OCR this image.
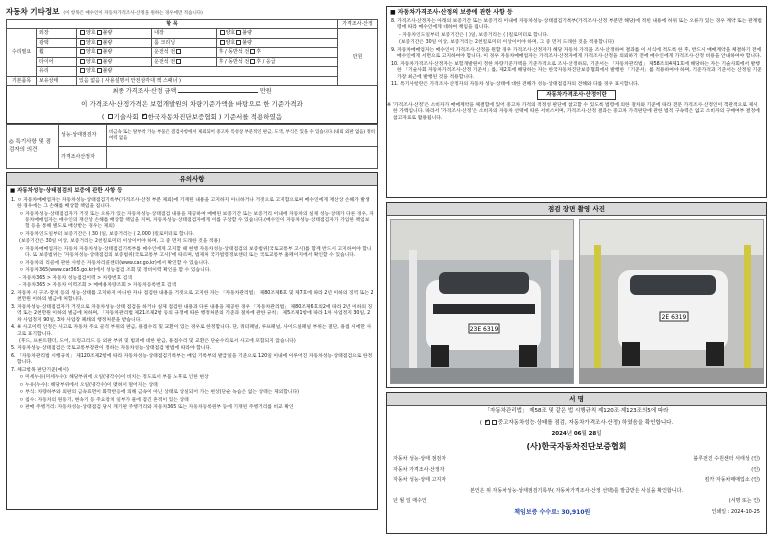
자동차 기타정보 (이 항목은 매수인이 자동차가격조사·산정을 원하는 경우에만 적습니다)
항 목					가격조사·산정
수리필요	외장	양호 불량	내장	양호 불량	만원
	광택	양호 불량	룸 크리닝	양호 불량	
	휠	양호 불량	운전석 전	후 / 동반석 전 후	
	타이어	양호 불량	운전석 전	후 / 동반석 전 후 / 응급	
	유리	양호 불량			
기본품목	보유상태	있음 없음 ( 사용설명서 안전삼각대 잭 스패너 )			
최종 가격조사·산정 금액	만원
이 가격조사·산정가격은 보험개발원의 차량기준가액을 바탕으로 한 기준가격과
( 기술사회 ✓ 한국자동차진단보증협회 ) 기준서를 적용하였음
◎ 특기사항 및 점검자의 의견	성능·상태점검자	비금속 또는 탈부착 가능 부품은 점검사항에서 제외되어 중고차 특성상 부분적인 판금, 도색, 부식은 있을 수 있습니다.(내외 외판 없음) 정비여력 없음
	가격조사산정자	
유의사항
■ 자동차성능·상태점검의 보증에 관한 사항 등
1. ㅇ 자동차매매업자는 자동차성능·상태점검기록부(가격조사·산정 부분 제외)에 기재된 내용을 고지하지 아니하거나 거짓으로 고지함으로써 매수인에게 재산상 손해가 발생한 경우에는 그 손해를 배상할 책임을 집니다.
ㅇ 자동차성능·상태점검자가 거짓 또는 오류가 있는 자동차성능·상태점검 내용을 제공하여 매매된 보증기간 또는 보증거리 이내에 자동차의 실제 성능·상태가 다른 경우, 자동차매매업자는 매수인의 재산상 손해를 배상할 책임을 지며, 자동차성능·상태점검자에게 이를 구상할 수 있습니다.(매수인이 자동차성능·상태점검자가 가입한 책임보험 등을 통해 별도로 배상받는 경우는 제외)
ㅇ 자동차인도일부터 보증기간은 ( 30 )일, 보증거리는 ( 2,000 )킬로미터로 합니다.
(보증기간은 30일 이상, 보증거리는 2천킬로미터 이상이어야 하며, 그 중 먼저 도래한 것을 적용)
ㅇ 자동차매매업자는 자동차 자동차성능·상태점검기록부를 매수인에게 고지할 때 현행 자동차성능·상태점검의 보증범위(국토교통부 고시)를 함께 반드시 고지하여야 합니다. 또 보증범위는 '자동차성능·상태점검의 보증범위(국토교통부 고시)'에 따르며, 법제처 국가법령정보센터 또는 국토교통부 홈페이지에서 확인할 수 있습니다.
ㅇ 자동차의 리콜에 관한 사항은 자동차리콜센터(www.car.go.kr)에서 확인할 수 있습니다.
ㅇ 자동차365(www.car365.go.kr)에서 성능점검 조회 및 정비이력 확인을 할 수 있습니다.
- 자동차365 > 자동차 성능점검이력 > 차량번호 검색
- 자동차365 > 자동차 이력조회 > 매매용차량조회 > 자동차등록번호 검색
2. 자동차 시 구조·장치 등의 성능·상태를 고지하지 아니한 자나 점검한 내용을 거짓으로 고지한 자는 「자동차관리법」 제80조제6호 및 제7호에 따라 2년 이하의 징역 또는 2천만원 이하의 벌금에 처합니다.
3. 자동차성능·상태점검자가 거짓으로 자동차성능·상태 점검을 하거나 실제 점검한 내용과 다른 내용을 제공한 경우 「자동차관리법」 제80조제6호의2에 따라 2년 이하의 징역 또는 2천만원 이하의 벌금에 처하며, 「자동차관리법 제21조제2항 등의 규정에 따른 행정처분의 기준과 절차에 관한 규칙」 제5조제1항에 따라 1차 사업정지 30일, 2차 사업정지 90일, 3차 사업장 폐쇄의 행정처분을 받습니다.
4. ※ 사고이력 인정은 사고로 자동차 주요 골격 부위의 판금, 용접수리 및 교환이 있는 경우로 한정합니다. 단, 쿼터패널, 루프패널, 사이드실패널 부위는 절단, 용접 시에만 사고로 표기합니다.
(후드, 프론트휀더, 도어, 트렁크리드 등 외판 부위 및 범퍼에 대한 판금, 용접수리 및 교환은 단순수리로서 사고에 포함되지 않습니다)
5. 자동차성능·상태점검은 국토교통부장관이 정하는 자동차성능·상태점검 방법에 따라야 합니다.
6. 「자동차관리법 시행규칙」 제120조제2항에 따라 자동차성능·상태점검기록부는 매입 기록부의 발급일을 기준으로 120일 이내에 이루어진 자동차성능·상태점검으로 한정합니다.
7. 체크항목 판단기준(예시)
ㅇ 미세누유(미세누수): 해당부위에 오일(냉각수)이 비치는 정도로서 부품 노후로 인한 현상
ㅇ 누유(누수): 해당부위에서 오일(냉각수)이 맺혀서 떨어지는 상태
ㅇ 부식: 차량하부와 외판의 금속표면이 화학반응에 의해 금속이 아닌 상태로 상실되어 가는 현상(단순 녹슴은 없는 상태는 제외합니다)
ㅇ 침수: 자동차의 원동기, 변속기 등 주요장치 일부가 물에 잠긴 흔적이 있는 상태
ㅇ 판매 주행거리: 자동차성능·상태점검 당시 계기판 주행거리와 자동차365 또는 자동차등록원부 등에 기재된 주행거리를 비교 확인
■ 자동차가격조사·산정의 보증에 관한 사항 등
8. 가격조사·산정자는 아래의 보증기간 또는 보증거리 이내에 자동차성능·상태점검기록부(가격조사·산정 부분만 해당)에 적힌 내용에 허위 또는 오류가 있는 경우 계약 또는 관계법령에 따라 매수인에게 대하여 책임을 집니다.
- 자동차인도일부터 보증기간은 ( )일, 보증거리는 ( )킬로미터로 합니다.
(보증기간은 30일 이상, 보증거리는 2천킬로미터 이상이어야 하며, 그 중 먼저 도래한 것을 적용합니다)
9. 자동차매매업자는 매수인이 가격조사·산정을 원할 경우 가격조사·산정자가 해당 자동차 가격을 조사·산정하여 결과를 이 서식에 적도록 한 후, 반드시 매매계약을 체결하기 전에 매수인에게 서면으로 고지하여야 합니다. 이 경우 자동차매매업자는 가격조사·산정자에게 가격조사·산정을 의뢰하기 전에 매수인에게 가격조사·산정 비용을 안내하여야 합니다.
10. 자동차가격조사·산정자는 보험개발원이 정한 차량기준가액을 기준가격으로 조사·산정하되, 기준서는 「자동차관리법」 제58조의4제1호에 해당하는 자는 기술사회에서 발행한 「기술사회 자동차가격조사·산정 기준서」를, 제2호에 해당하는 자는 한국자동차진단보증협회에서 발행한 「기준서」를 적용하여야 하며, 기준가격과 기준서는 산정일 기준 가장 최근에 발행된 것을 적용합니다.
11. 특기사항란은 가격조사·산정자의 자동차 성능·상태에 대한 견해가 성능·상태점검자의 견해와 다를 경우 표시합니다.
자동차가격조사·산정이란
※ '가격조사·산정'은 소비자가 매매계약을 체결함에 있어 중고차 가격의 적정성 판단에 참고할 수 있도록 법령에 의한 절차와 기준에 따라 전문 가격조사·산정인이 객관적으로 제시한 가액입니다. 따라서 '가격조사·산정'은 소비자의 자동차 선택에 따른 서비스이며, 가격조사·산정 결과는 중고차 가격판단에 관한 법적 구속력은 없고 소비자의 구매여부 결정에 참고자료로 활용됩니다.
점검 장면 촬영 사진
23E 6319
2E 6319
서 명
「자동차관리법」 제58조 및 같은 법 시행규칙 제120조·제123조의5에 따라
( ✓	중고자동차성능·상태를 점검, 자동차가격조사·산정) 하였음을 확인합니다.
2024년 06월 28일
(사)한국자동차진단보증협회
자동차 성능·상태 점검자	블루전진 수원센터 서태성 (인)
자동차 가격조사·산정자	(인)
자동차 성능·상태 고지자	킴카 자동차매매업소 (인)
본인은 위 자동차성능·상태점검기록부( 자동차가격조사·산정 선택)를 발급받은 사실을 확인합니다.
년 월 일 매수인	(서명 또는 인)
책임보증 수수료: 30,910원	인쇄일 : 2024-10-25
